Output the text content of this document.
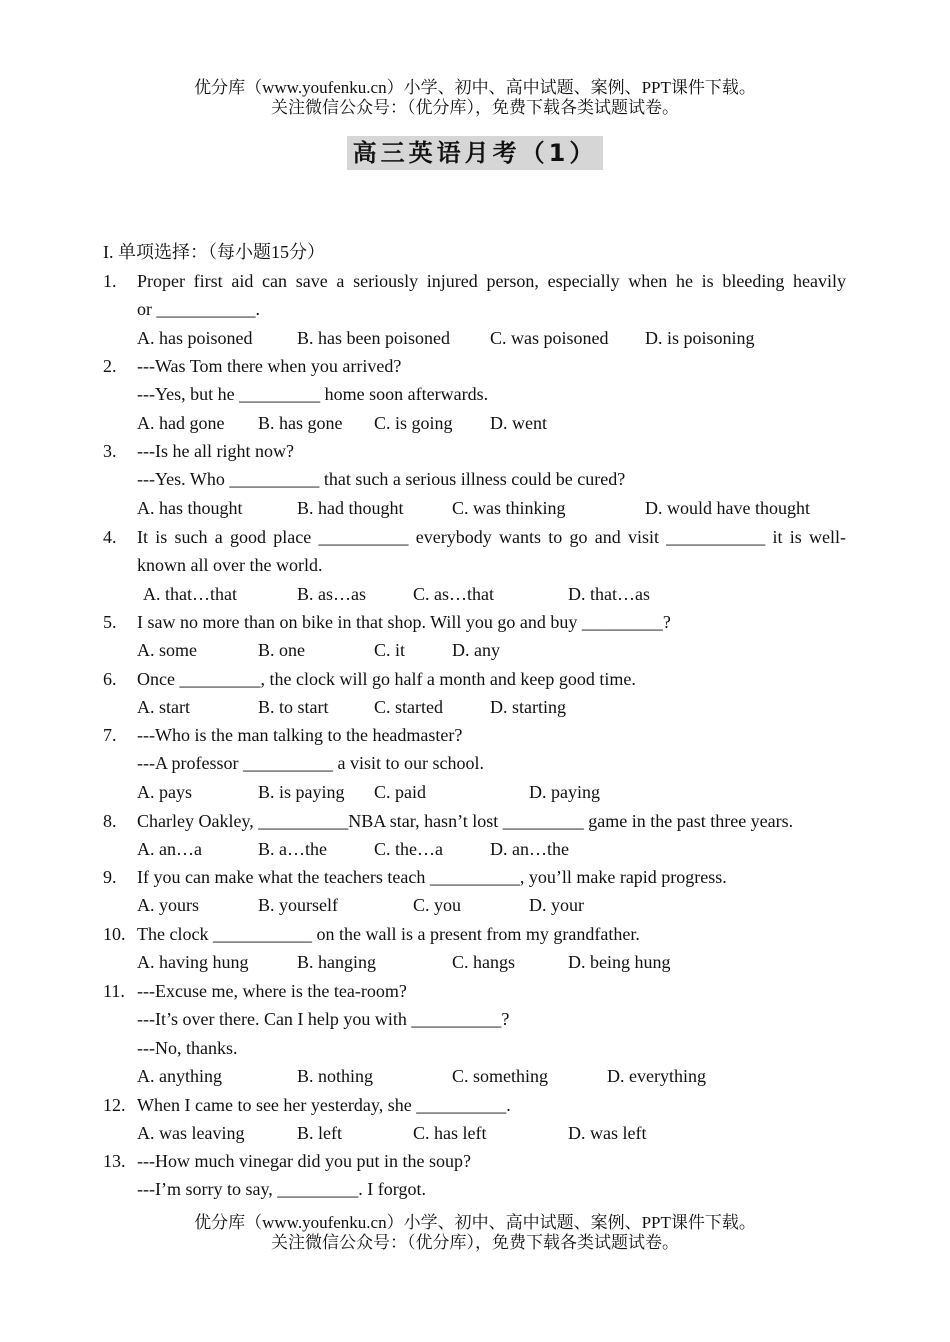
优分库（www.youfenku.cn）小学、初中、高中试题、案例、PPT课件下载。
关注微信公众号：（优分库），免费下载各类试题试卷。
高三英语月考（1）
I. 单项选择：（每小题15分）
1. Proper first aid can save a seriously injured person, especially when he is bleeding heavily
or ___________.
A. has poisoned B. has been poisoned C. was poisoned D. is poisoning
2. ---Was Tom there when you arrived?
---Yes, but he _________ home soon afterwards.
A. had gone B. has gone C. is going D. went
3. ---Is he all right now?
---Yes. Who __________ that such a serious illness could be cured?
A. has thought	B. had thought	C. was thinking	D. would have thought
4. It is such a good place __________ everybody wants to go and visit ___________ it is well-
known all over the world.
A. that…that	B. as…as	C. as…that	D. that…as
5. I saw no more than on bike in that shop. Will you go and buy _________?
A. some	B. one	C. it	D. any
6. Once _________, the clock will go half a month and keep good time.
A. start	B. to start	C. started	D. starting
7. ---Who is the man talking to the headmaster?
---A professor __________ a visit to our school.
A. pays	B. is paying C. paid	D. paying
8. Charley Oakley, __________NBA star, hasn’t lost _________ game in the past three years.
A. an…a	B. a…the	C. the…a	D. an…the
9. If you can make what the teachers teach __________, you’ll make rapid progress.
A. yours	B. yourself	C. you	D. your
10. The clock ___________ on the wall is a present from my grandfather.
A. having hung	B. hanging	C. hangs	D. being hung
11. ---Excuse me, where is the tea-room?
---It’s over there. Can I help you with __________?
---No, thanks.
A. anything	B. nothing	C. something	D. everything
12. When I came to see her yesterday, she __________.
A. was leaving	B. left	C. has left	D. was left
13. ---How much vinegar did you put in the soup?
---I’m sorry to say, _________. I forgot.
优分库（www.youfenku.cn）小学、初中、高中试题、案例、PPT课件下载。
关注微信公众号：（优分库），免费下载各类试题试卷。
